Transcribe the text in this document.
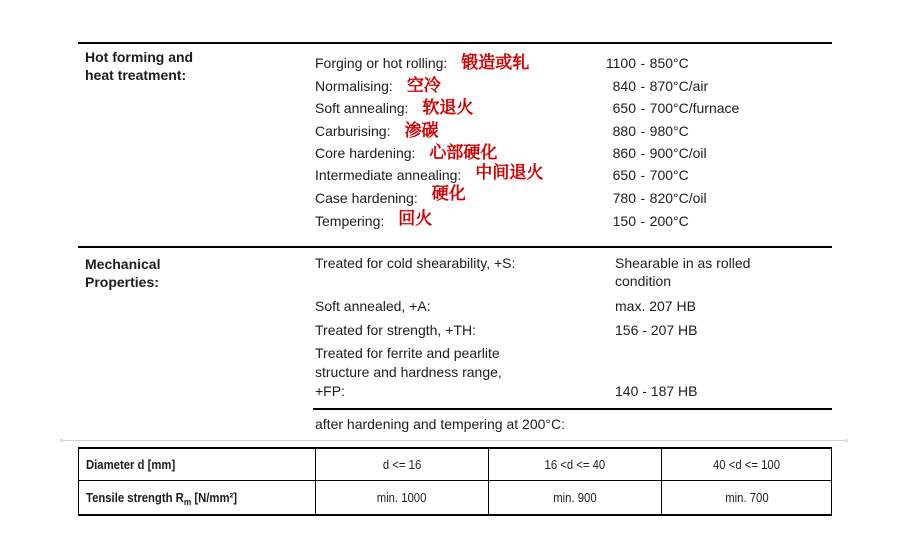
Hot forming and
heat treatment:
Forging or hot rolling: 锻造或轧	1100 - 850°C
Normalising: 空冷	840 - 870°C/air
Soft annealing: 软退火	650 - 700°C/furnace
Carburising: 渗碳	880 - 980°C
Core hardening: 心部硬化	860 - 900°C/oil
Intermediate annealing: 中间退火	650 - 700°C
Case hardening: 硬化	780 - 820°C/oil
Tempering: 回火	150 - 200°C
Mechanical
Properties:
Treated for cold shearability, +S:	Shearable in as rolled
condition
Soft annealed, +A:	max. 207 HB
Treated for strength, +TH:	156 - 207 HB
Treated for ferrite and pearlite
structure and hardness range,
+FP:	140 - 187 HB
after hardening and tempering at 200°C:
Diameter d [mm]	d <= 16	16 <d <= 40	40 <d <= 100
Tensile strength $R_m$ [N/mm²]	min. 1000	min. 900	min. 700
